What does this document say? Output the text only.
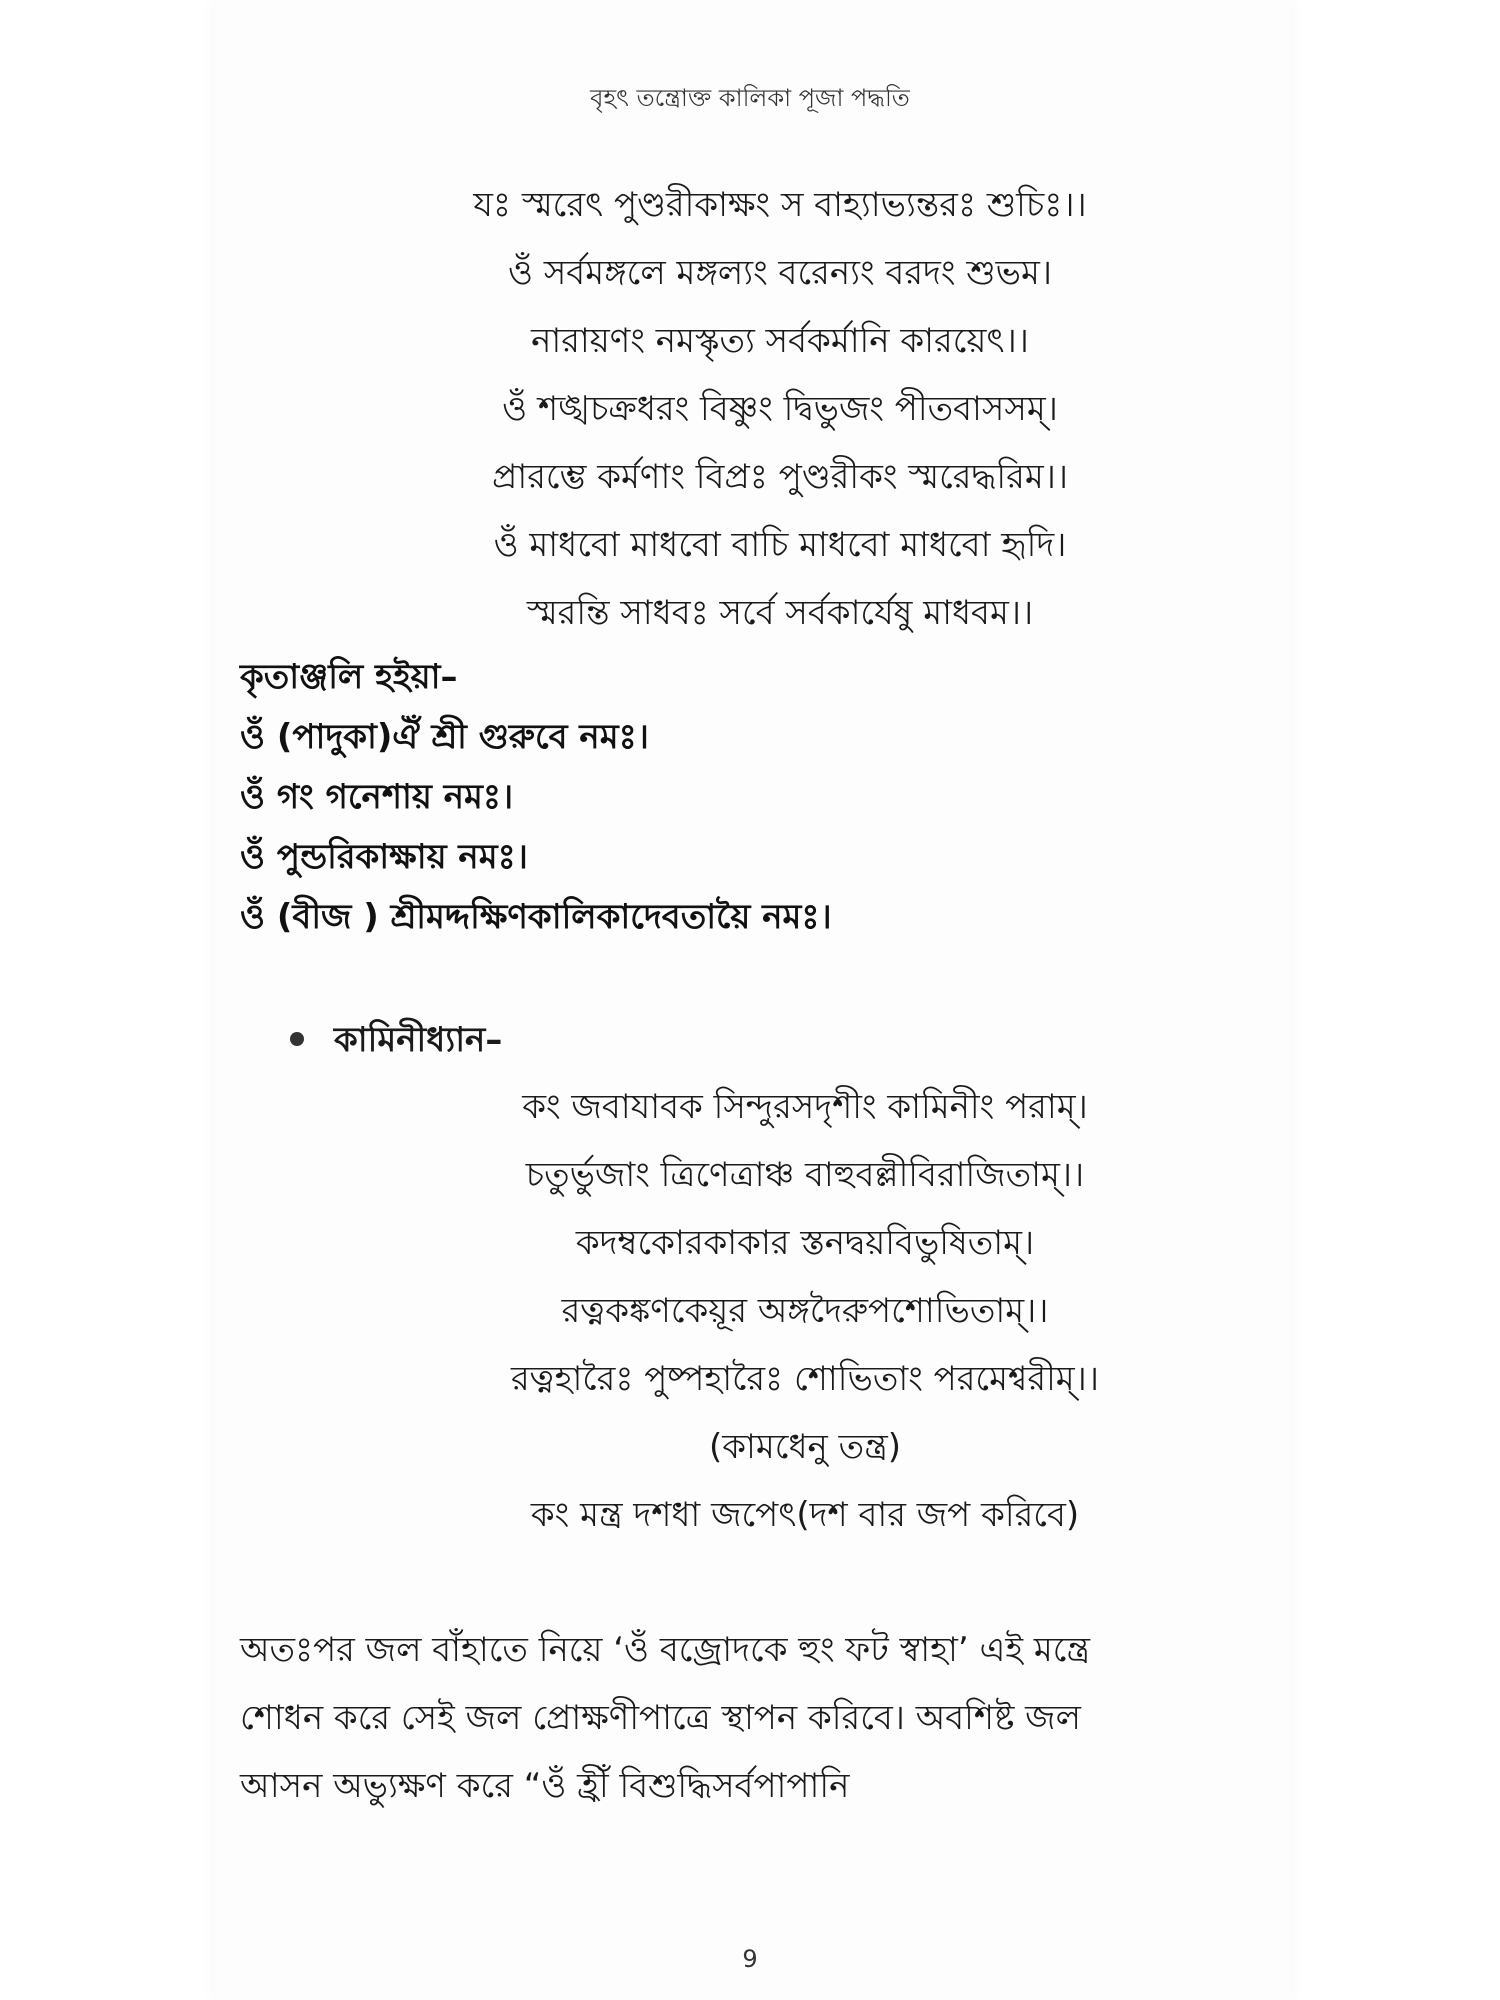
বৃহৎ তন্ত্রোক্ত কালিকা পূজা পদ্ধতি
যঃ স্মরেৎ পুণ্ডরীকাক্ষং স বাহ্যাভ্যন্তরঃ শুচিঃ।।
ওঁ সর্বমঙ্গলে মঙ্গল্যং বরেন্যং বরদং শুভম।
নারায়ণং নমস্কৃত্য সর্বকর্মানি কারয়েৎ।।
ওঁ শঙ্খচক্রধরং বিষ্ণুং দ্বিভুজং পীতবাসসম্।
প্রারম্ভে কর্মণাং বিপ্রঃ পুণ্ডরীকং স্মরেদ্ধরিম।।
ওঁ মাধবো মাধবো বাচি মাধবো মাধবো হৃদি।
স্মরন্তি সাধবঃ সর্বে সর্বকার্যেষু মাধবম।।
কৃতাঞ্জলি হইয়া–
ওঁ (পাদুকা)ঐঁ শ্রী গুরুবে নমঃ।
ওঁ গং গনেশায় নমঃ।
ওঁ পুন্ডরিকাক্ষায় নমঃ।
ওঁ (বীজ ) শ্রীমদ্দক্ষিণকালিকাদেবতায়ৈ নমঃ।
কামিনীধ্যান–
কং জবাযাবক সিন্দুরসদৃশীং কামিনীং পরাম্।
চতুর্ভুজাং ত্রিণেত্রাঞ্চ বাহুবল্লীবিরাজিতাম্।।
কদম্বকোরকাকার স্তনদ্বয়বিভুষিতাম্।
রত্নকঙ্কণকেয়ূর অঙ্গদৈরুপশোভিতাম্।।
রত্নহারৈঃ পুষ্পহারৈঃ শোভিতাং পরমেশ্বরীম্।।
(কামধেনু তন্ত্র)
কং মন্ত্র দশধা জপেৎ(দশ বার জপ করিবে)
অতঃপর জল বাঁহাতে নিয়ে ‘ওঁ বজ্রোদকে হুং ফট স্বাহা’ এই মন্ত্রে
শোধন করে সেই জল প্রোক্ষণীপাত্রে স্থাপন করিবে। অবশিষ্ট জল
আসন অভ্যুক্ষণ করে “ওঁ হ্রীঁ বিশুদ্ধিসর্বপাপানি
9
